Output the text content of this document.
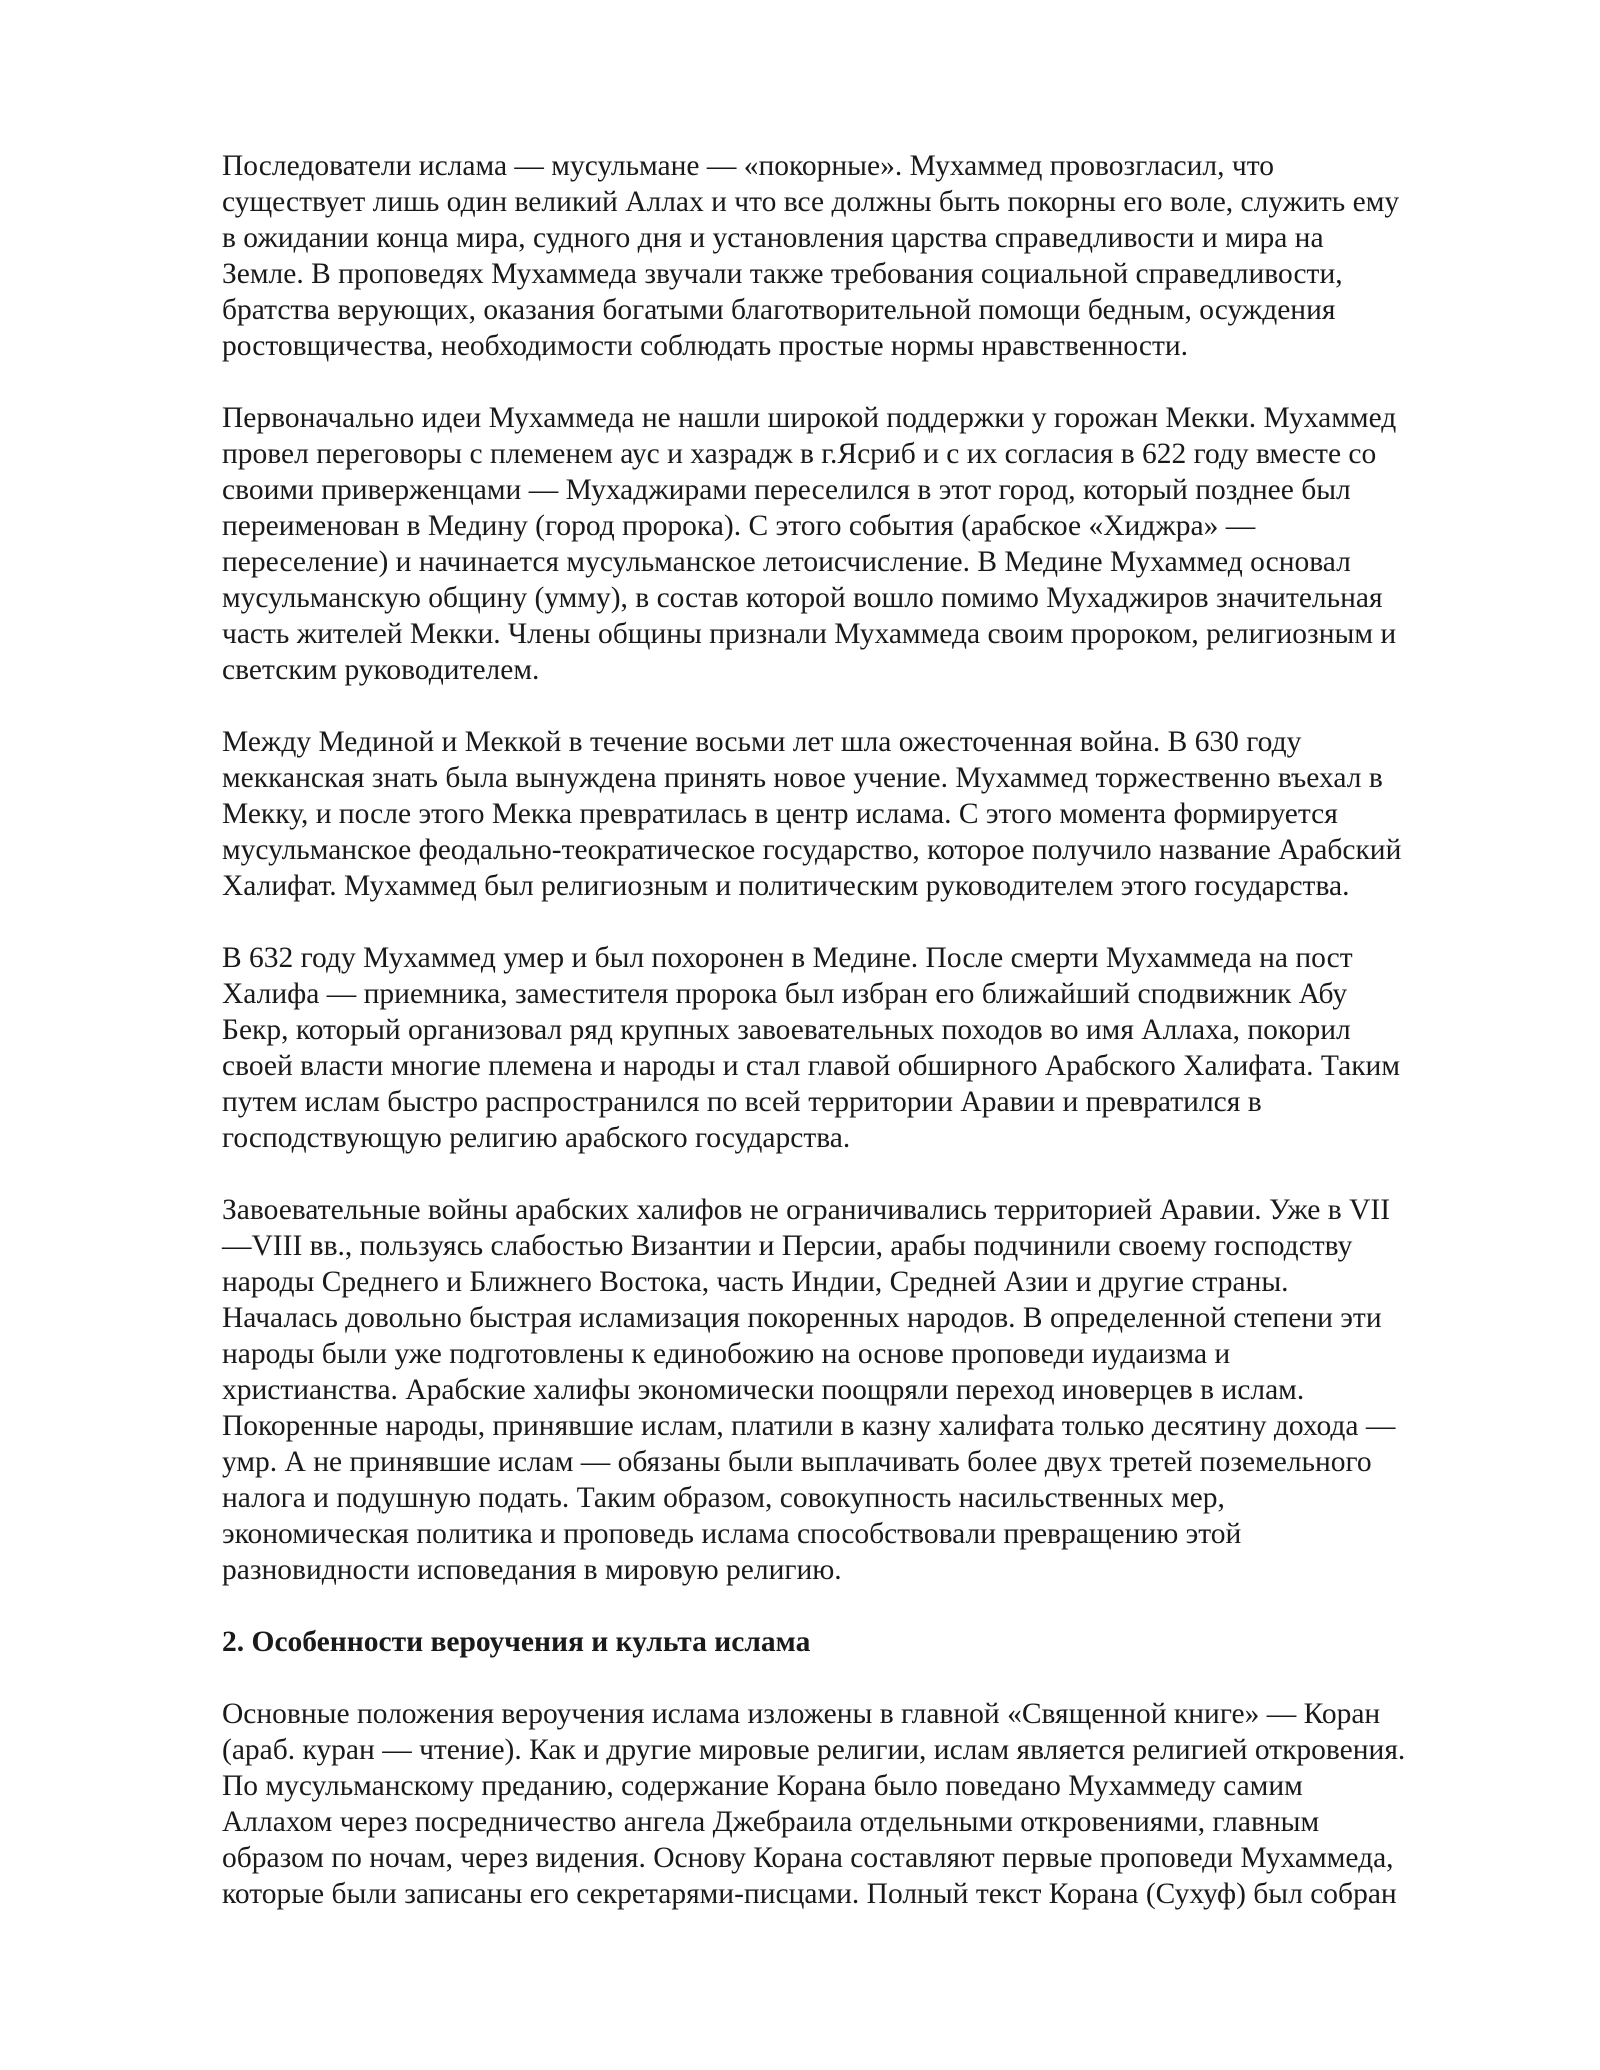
Последователи ислама — мусульмане — «покорные». Мухаммед провозгласил, что
существует лишь один великий Аллах и что все должны быть покорны его воле, служить ему
в ожидании конца мира, судного дня и установления царства справедливости и мира на
Земле. В проповедях Мухаммеда звучали также требования социальной справедливости,
братства верующих, оказания богатыми благотворительной помощи бедным, осуждения
ростовщичества, необходимости соблюдать простые нормы нравственности.
Первоначально идеи Мухаммеда не нашли широкой поддержки у горожан Мекки. Мухаммед
провел переговоры с племенем аус и хазрадж в г.Ясриб и с их согласия в 622 году вместе со
своими приверженцами — Мухаджирами переселился в этот город, который позднее был
переименован в Медину (город пророка). С этого события (арабское «Хиджра» —
переселение) и начинается мусульманское летоисчисление. В Медине Мухаммед основал
мусульманскую общину (умму), в состав которой вошло помимо Мухаджиров значительная
часть жителей Мекки. Члены общины признали Мухаммеда своим пророком, религиозным и
светским руководителем.
Между Мединой и Меккой в течение восьми лет шла ожесточенная война. В 630 году
мекканская знать была вынуждена принять новое учение. Мухаммед торжественно въехал в
Мекку, и после этого Мекка превратилась в центр ислама. С этого момента формируется
мусульманское феодально-теократическое государство, которое получило название Арабский
Халифат. Мухаммед был религиозным и политическим руководителем этого государства.
В 632 году Мухаммед умер и был похоронен в Медине. После смерти Мухаммеда на пост
Халифа — приемника, заместителя пророка был избран его ближайший сподвижник Абу
Бекр, который организовал ряд крупных завоевательных походов во имя Аллаха, покорил
своей власти многие племена и народы и стал главой обширного Арабского Халифата. Таким
путем ислам быстро распространился по всей территории Аравии и превратился в
господствующую религию арабского государства.
Завоевательные войны арабских халифов не ограничивались территорией Аравии. Уже в VII
—VIII вв., пользуясь слабостью Византии и Персии, арабы подчинили своему господству
народы Среднего и Ближнего Востока, часть Индии, Средней Азии и другие страны.
Началась довольно быстрая исламизация покоренных народов. В определенной степени эти
народы были уже подготовлены к единобожию на основе проповеди иудаизма и
христианства. Арабские халифы экономически поощряли переход иноверцев в ислам.
Покоренные народы, принявшие ислам, платили в казну халифата только десятину дохода —
умр. А не принявшие ислам — обязаны были выплачивать более двух третей поземельного
налога и подушную подать. Таким образом, совокупность насильственных мер,
экономическая политика и проповедь ислама способствовали превращению этой
разновидности исповедания в мировую религию.
2. Особенности вероучения и культа ислама
Основные положения вероучения ислама изложены в главной «Священной книге» — Коран
(араб. куран — чтение). Как и другие мировые религии, ислам является религией откровения.
По мусульманскому преданию, содержание Корана было поведано Мухаммеду самим
Аллахом через посредничество ангела Джебраила отдельными откровениями, главным
образом по ночам, через видения. Основу Корана составляют первые проповеди Мухаммеда,
которые были записаны его секретарями-писцами. Полный текст Корана (Сухуф) был собран
